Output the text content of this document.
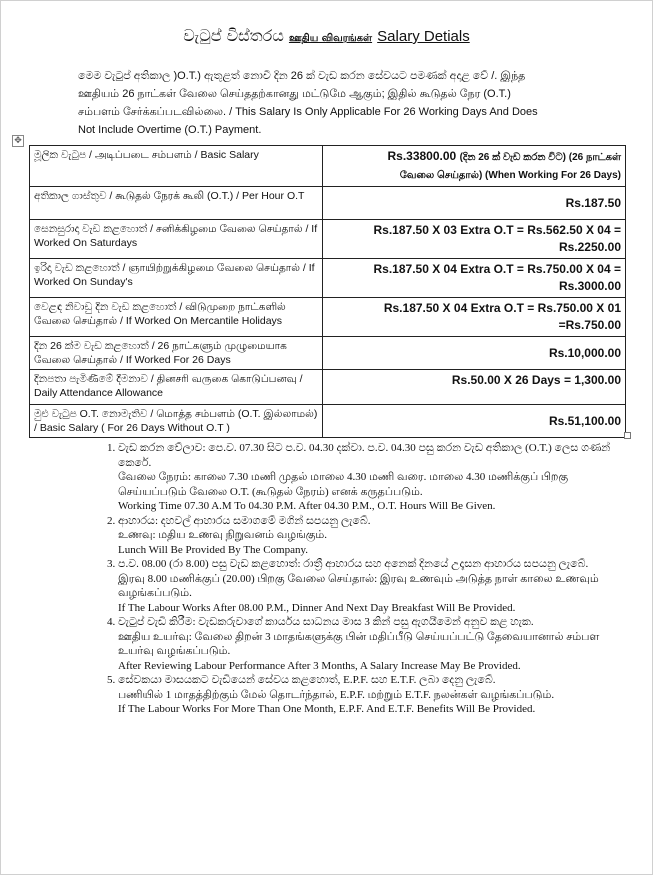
වැටුප් විස්තරය ஊதிய விவரங்கள் Salary Detials
මෙම වැටුප් අතිකාල )O.T.) ඇතුළත් නොවී දින 26 ක් වැඩ කරන සේවයට පමණක් අදාළ වේ /. இந்த
ஊதியம் 26 நாட்கள் வேலை செய்ததற்கானது மட்டுமே ஆகும்; இதில் கூடுதல் நேர (O.T.)
சம்பளம் சேர்க்கப்படவில்லை. / This Salary Is Only Applicable For 26 Working Days And Does
Not Include Overtime (O.T.) Payment.
✥
මූලික වැටුප / அடிப்படை சம்பளம் / Basic Salary	Rs.33800.00 (දින 26 ක් වැඩ කරන විට) (26 நாட்கள்
வேலை செய்தால்) (When Working For 26 Days)
අතිකාල ගාස්තුව / கூடுதல் நேரக் கூலி (O.T.) / Per Hour O.T	Rs.187.50
සෙනසුරාදා වැඩ කළහොත් / சனிக்கிழமை வேலை செய்தால் / If Worked On Saturdays	Rs.187.50 X 03 Extra O.T = Rs.562.50 X 04 =
Rs.2250.00

ඉරිදා වැඩ කළහොත් / ஞாயிற்றுக்கிழமை வேலை செய்தால் / If Worked On Sunday's	Rs.187.50 X 04 Extra O.T = Rs.750.00 X 04 =
Rs.3000.00

වෙළඳ නිවාඩු දින වැඩ කළහොත් / விடுமுறை நாட்களில் வேலை செய்தால் / If Worked On Mercantile Holidays	Rs.187.50 X 04 Extra O.T = Rs.750.00 X 01
=Rs.750.00

දින 26 ක්ම වැඩ කළහොත් / 26 நாட்களும் முழுமையாக வேலை செய்தால் / If Worked For 26 Days	Rs.10,000.00
දිනපතා පැමිණීමේ දීමනාව / தினசரி வருகை கொடுப்பனவு / Daily Attendance Allowance	Rs.50.00 X 26 Days = 1,300.00
මුළු වැටුප O.T. නොමැතිව / மொத்த சம்பளம் (O.T. இல்லாமல்) / Basic Salary ( For 26 Days Without O.T )	Rs.51,100.00
1. වැඩ කරන වේලාව: පෙ.ව. 07.30 සිට ප.ව. 04.30 දක්වා. ප.ව. 04.30 පසු කරන වැඩ අතිකාල (O.T.) ලෙස ගණන් කෙරේ.
வேலை நேரம்: காலை 7.30 மணி முதல் மாலை 4.30 மணி வரை. மாலை 4.30 மணிக்குப் பிறகு செய்யப்படும் வேலை O.T. (கூடுதல் நேரம்) எனக் கருதப்படும்.
Working Time 07.30 A.M To 04.30 P.M. After 04.30 P.M., O.T. Hours Will Be Given.
2. ආහාරය: දහවල් ආහාරය සමාගමේ මගින් සපයනු ලැබේ.
உணவு: மதிய உணவு நிறுவனம் வழங்கும்.
Lunch Will Be Provided By The Company.
3. ප.ව. 08.00 (රා 8.00) පසු වැඩ කළහොත්: රාත්‍රී ආහාරය සහ අනෙක් දිනයේ උදෑසන ආහාරය සපයනු ලැබේ.
இரவு 8.00 மணிக்குப் (20.00) பிறகு வேலை செய்தால்: இரவு உணவும் அடுத்த நாள் காலை உணவும் வழங்கப்படும்.
If The Labour Works After 08.00 P.M., Dinner And Next Day Breakfast Will Be Provided.
4. වැටුප් වැඩි කිරීම: වැඩකරුවාගේ කාර්යය සාධනය මාස 3 කින් පසු ඇගයීමෙන් අනුව කළ හැක.
ஊதிய உயர்வு: வேலை திறன் 3 மாதங்களுக்கு பின் மதிப்பீடு செய்யப்பட்டு தேவையானால் சம்பள உயர்வு வழங்கப்படும்.
After Reviewing Labour Performance After 3 Months, A Salary Increase May Be Provided.
5. සේවකයා මාසයකට වැඩියෙන් සේවය කළහොත්, E.P.F. සහ E.T.F. ලබා දෙනු ලැබේ.
பணியில் 1 மாதத்திற்கும் மேல் தொடர்ந்தால், E.P.F. மற்றும் E.T.F. நலன்கள் வழங்கப்படும்.
If The Labour Works For More Than One Month, E.P.F. And E.T.F. Benefits Will Be Provided.
